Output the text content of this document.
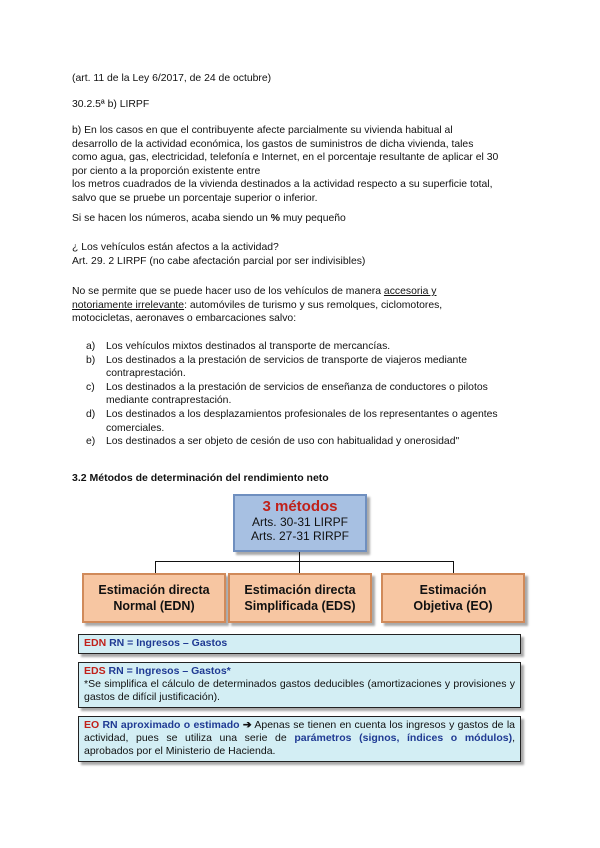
(art. 11 de la Ley 6/2017, de 24 de octubre)

30.2.5ª b) LIRPF

b) En los casos en que el contribuyente afecte parcialmente su vivienda habitual al
desarrollo de la actividad económica, los gastos de suministros de dicha vivienda, tales
como agua, gas, electricidad, telefonía e Internet, en el porcentaje resultante de aplicar el 30
por ciento a la proporción existente entre
los metros cuadrados de la vivienda destinados a la actividad respecto a su superficie total,
salvo que se pruebe un porcentaje superior o inferior.

Si se hacen los números, acaba siendo un % muy pequeño

¿ Los vehículos están afectos a la actividad?

Art. 29. 2 LIRPF (no cabe afectación parcial por ser indivisibles)

No se permite que se puede hacer uso de los vehículos de manera accesoria y
notoriamente irrelevante: automóviles de turismo y sus remolques, ciclomotores,
motocicletas, aeronaves o embarcaciones salvo:
a)	Los vehículos mixtos destinados al transporte de mercancías.
b)	Los destinados a la prestación de servicios de transporte de viajeros mediante
contraprestación.
c)	Los destinados a la prestación de servicios de enseñanza de conductores o pilotos
mediante contraprestación.
d)	Los destinados a los desplazamientos profesionales de los representantes o agentes
comerciales.
e)	Los destinados a ser objeto de cesión de uso con habitualidad y onerosidad"
3.2 Métodos de determinación del rendimiento neto
3 métodos
Arts. 30-31 LIRPF
Arts. 27-31 RIRPF
Estimación directa
Normal (EDN)
Estimación directa
Simplificada (EDS)
Estimación
Objetiva (EO)
EDN RN = Ingresos – Gastos
EDS RN = Ingresos – Gastos*
*Se simplifica el cálculo de determinados gastos deducibles (amortizaciones y provisiones y gastos de difícil justificación).
EO RN aproximado o estimado ➔ Apenas se tienen en cuenta los ingresos y gastos de la actividad, pues se utiliza una serie de parámetros (signos, índices o módulos), aprobados por el Ministerio de Hacienda.
